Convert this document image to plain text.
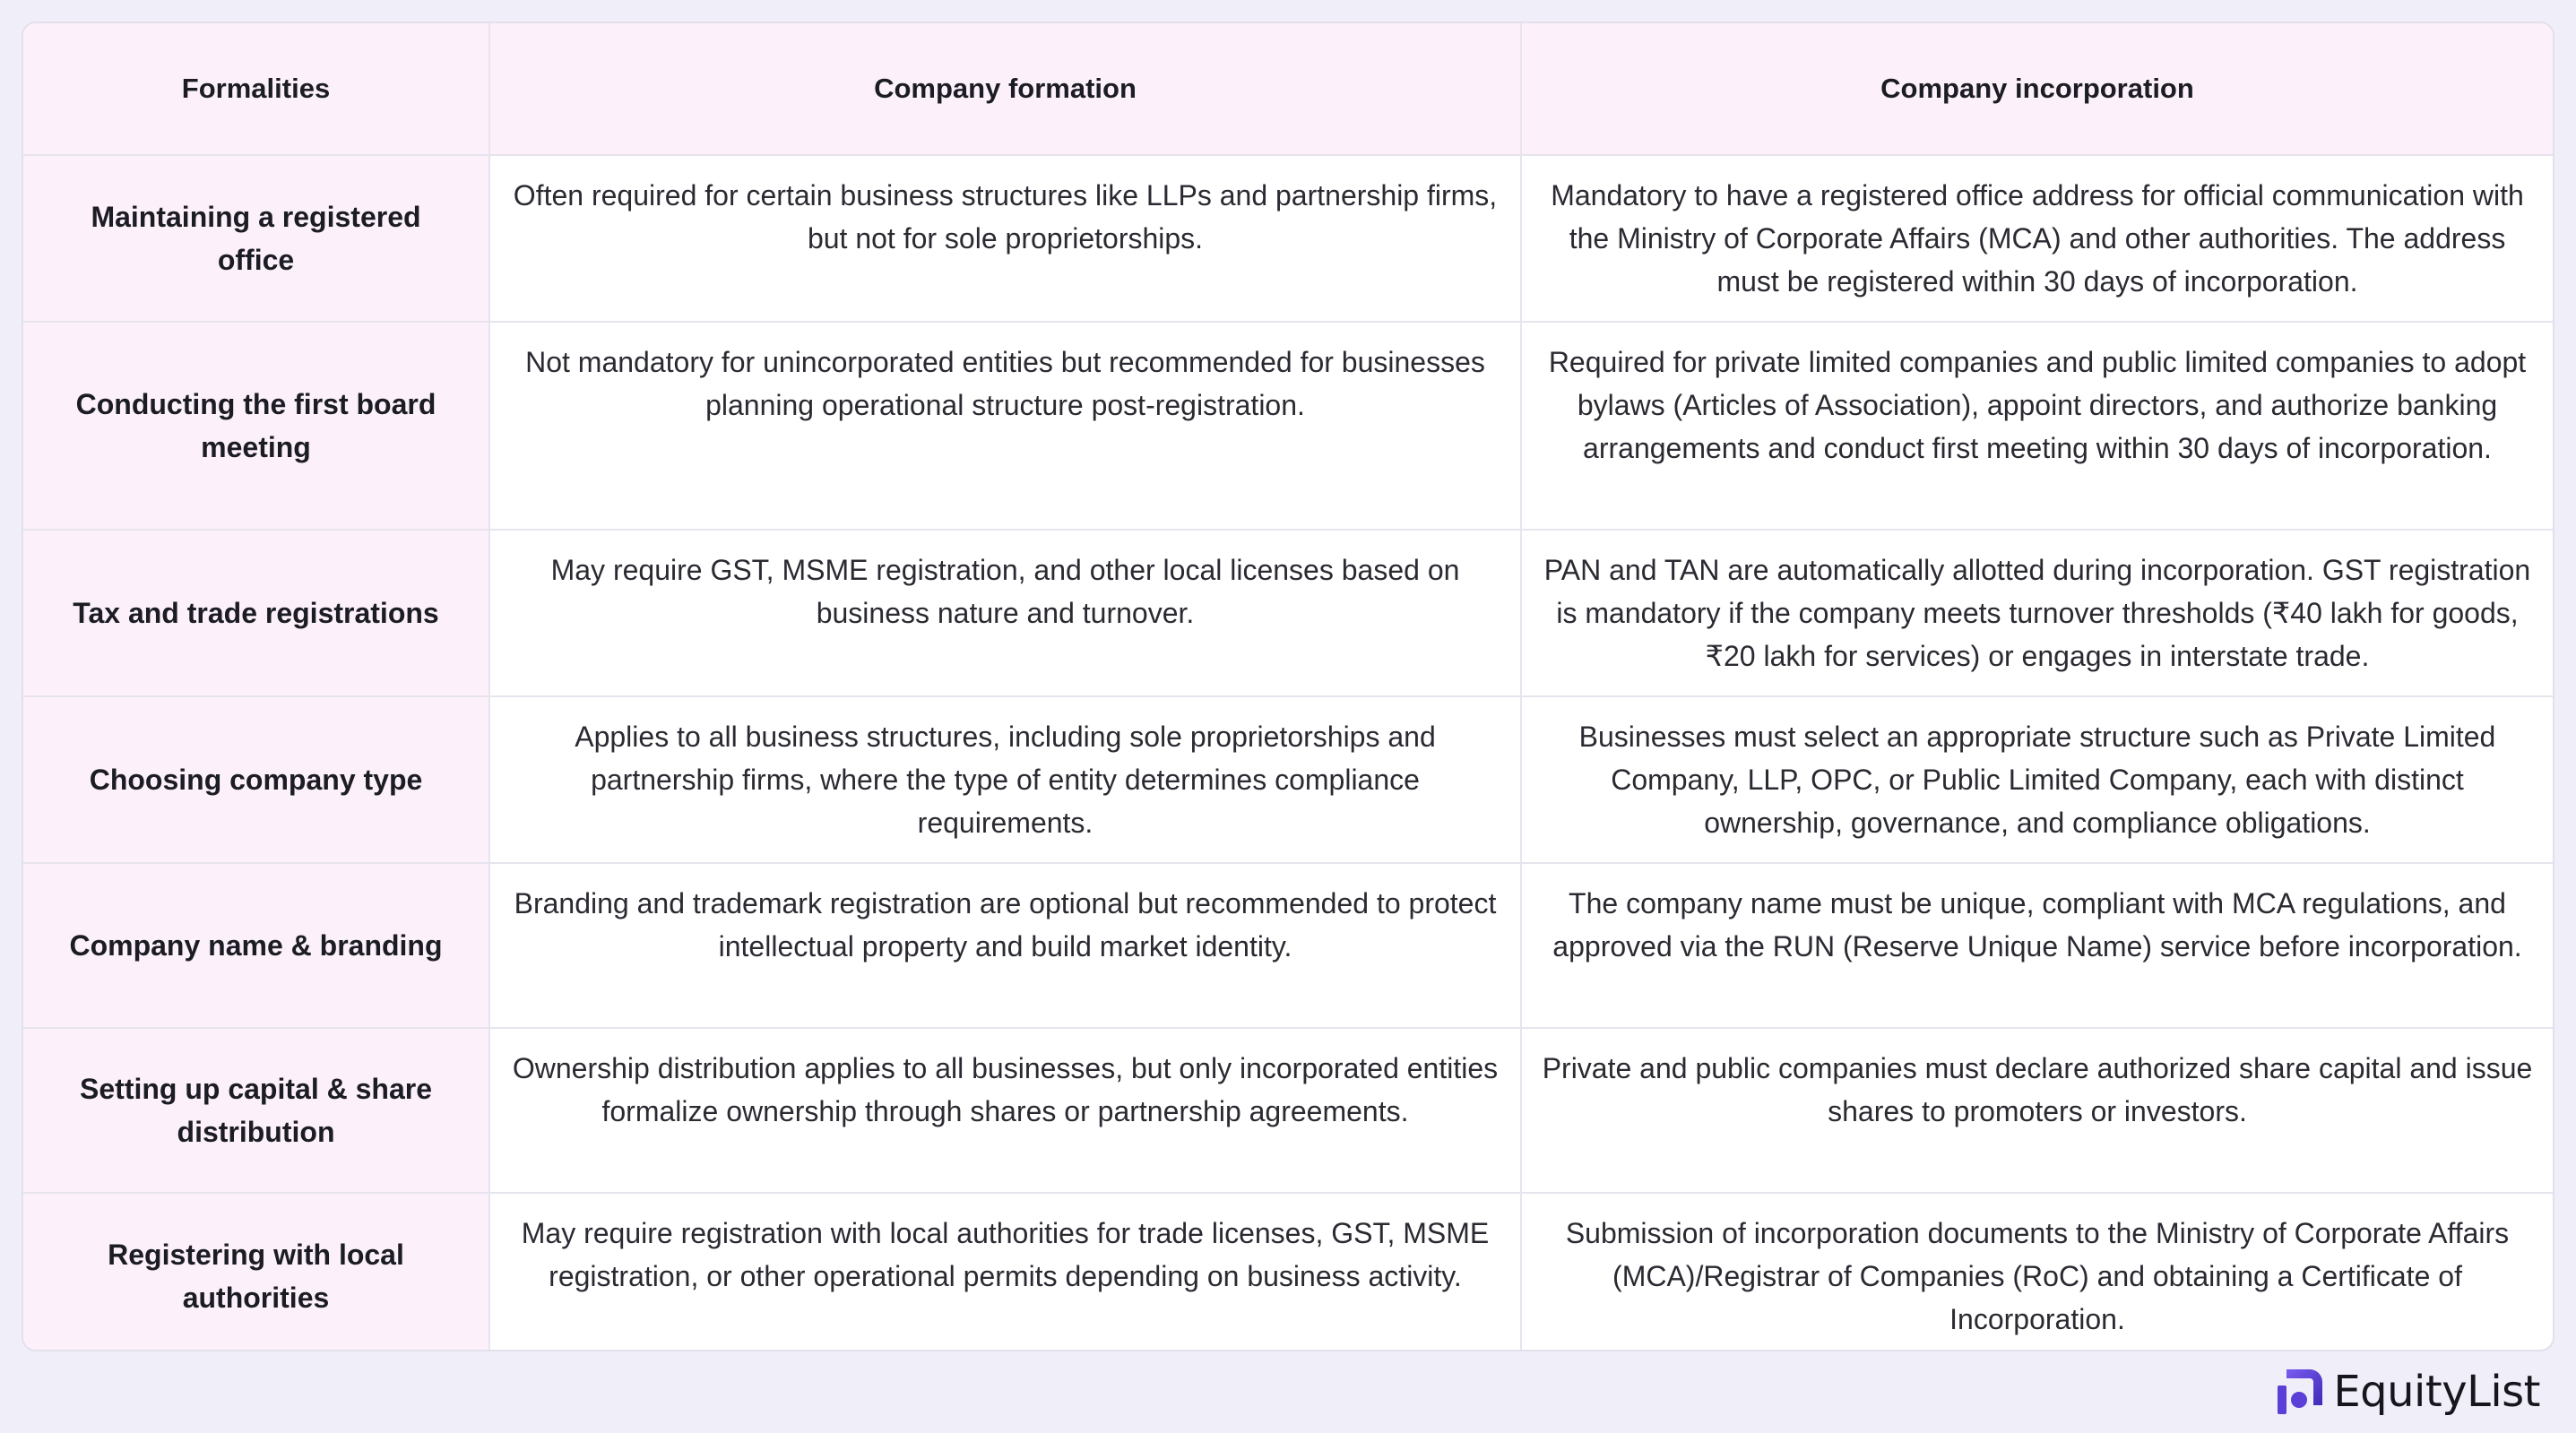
Formalities	Company formation	Company incorporation
Maintaining a registered office	Often required for certain business structures like LLPs and partnership firms, but not for sole proprietorships.	Mandatory to have a registered office address for official communication with the Ministry of Corporate Affairs (MCA) and other authorities. The address must be registered within 30 days of incorporation.
Conducting the first board meeting	Not mandatory for unincorporated entities but recommended for businesses planning operational structure post-registration.	Required for private limited companies and public limited companies to adopt bylaws (Articles of Association), appoint directors, and authorize banking arrangements and conduct first meeting within 30 days of incorporation.
Tax and trade registrations	May require GST, MSME registration, and other local licenses based on business nature and turnover.	PAN and TAN are automatically allotted during incorporation. GST registration is mandatory if the company meets turnover thresholds (₹40 lakh for goods, ₹20 lakh for services) or engages in interstate trade.
Choosing company type	Applies to all business structures, including sole proprietorships and partnership firms, where the type of entity determines compliance requirements.	Businesses must select an appropriate structure such as Private Limited Company, LLP, OPC, or Public Limited Company, each with distinct ownership, governance, and compliance obligations.
Company name & branding	Branding and trademark registration are optional but recommended to protect intellectual property and build market identity.	The company name must be unique, compliant with MCA regulations, and approved via the RUN (Reserve Unique Name) service before incorporation.
Setting up capital & share distribution	Ownership distribution applies to all businesses, but only incorporated entities formalize ownership through shares or partnership agreements.	Private and public companies must declare authorized share capital and issue shares to promoters or investors.
Registering with local authorities	May require registration with local authorities for trade licenses, GST, MSME registration, or other operational permits depending on business activity.	Submission of incorporation documents to the Ministry of Corporate Affairs (MCA)/Registrar of Companies (RoC) and obtaining a Certificate of Incorporation.
EquityList
